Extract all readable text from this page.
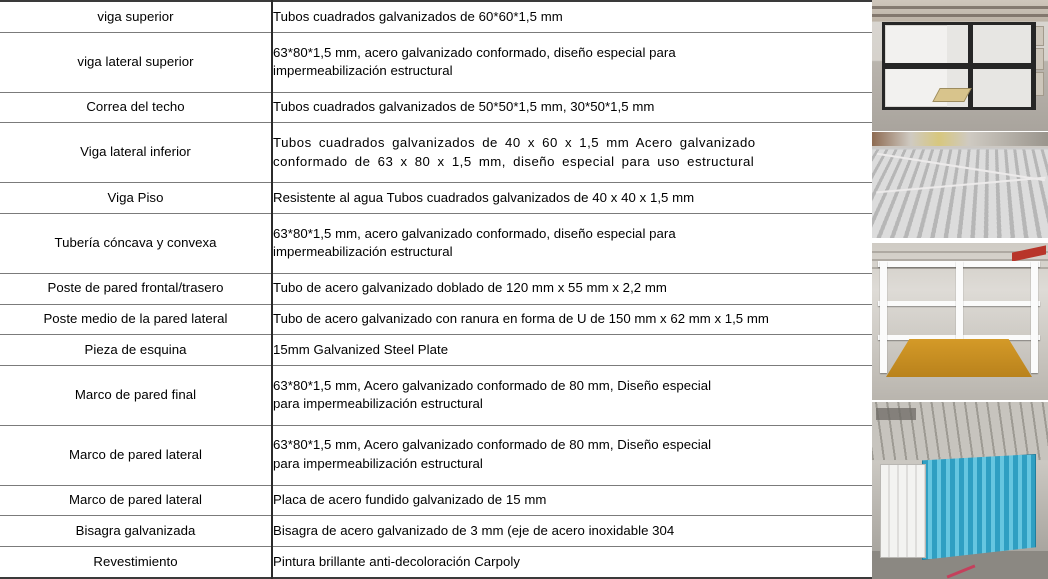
viga superior	Tubos cuadrados galvanizados de 60*60*1,5 mm

viga lateral superior	63*80*1,5 mm, acero galvanizado conformado, diseño especial para
impermeabilización estructural

Correa del techo	Tubos cuadrados galvanizados de 50*50*1,5 mm, 30*50*1,5 mm

Viga lateral inferior	Tubos cuadrados galvanizados de 40 x 60 x 1,5 mm Acero galvanizado
conformado de 63 x 80 x 1,5 mm, diseño especial para uso estructural

Viga Piso	Resistente al agua Tubos cuadrados galvanizados de 40 x 40 x 1,5 mm

Tubería cóncava y convexa	63*80*1,5 mm, acero galvanizado conformado, diseño especial para
impermeabilización estructural

Poste de pared frontal/trasero	Tubo de acero galvanizado doblado de 120 mm x 55 mm x 2,2 mm

Poste medio de la pared lateral	Tubo de acero galvanizado con ranura en forma de U de 150 mm x 62 mm x 1,5 mm

Pieza de esquina	15mm Galvanized Steel Plate

Marco de pared final	63*80*1,5 mm, Acero galvanizado conformado de 80 mm, Diseño especial
para impermeabilización estructural

Marco de pared lateral	63*80*1,5 mm, Acero galvanizado conformado de 80 mm, Diseño especial
para impermeabilización estructural

Marco de pared lateral	Placa de acero fundido galvanizado de 15 mm

Bisagra galvanizada	Bisagra de acero galvanizado de 3 mm (eje de acero inoxidable 304

Revestimiento	Pintura brillante anti-decoloración Carpoly
